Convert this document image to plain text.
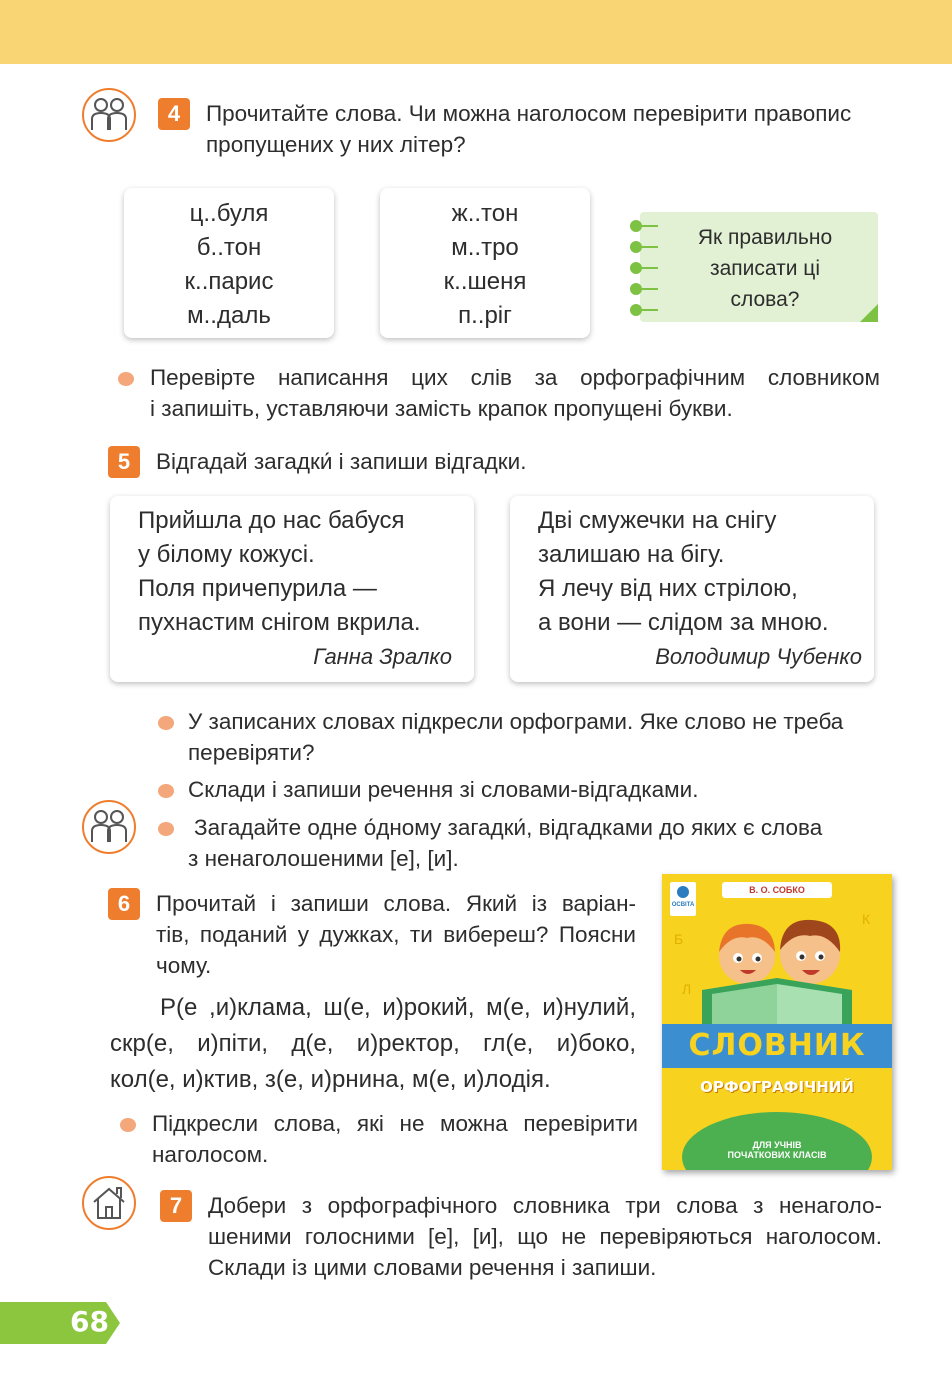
4	Прочитайте слова. Чи можна наголосом перевірити правопис
пропущених у них літер?
ц..буля
б..тон
к..парис
м..даль
ж..тон
м..тро
к..шеня
п..ріг
Як правильно
записати ці
слова?
Перевірте написання цих слів за орфографічним словником
і запишіть, уставляючи замість крапок пропущені букви.
5	Відгадай загадки́ і запиши відгадки.
Прийшла до нас бабуся
у білому кожусі.
Поля причепурила —
пухнастим снігом вкрила.
Ганна Зралко
Дві смужечки на снігу
залишаю на бігу.
Я лечу від них стрілою,
а вони — слідом за мною.
Володимир Чубенко
У записаних словах підкресли орфограми. Яке слово не треба
перевіряти?
Склади і запиши речення зі словами-відгадками.
Загадайте одне о́дному загадки́, відгадками до яких є слова
з ненаголошеними [е], [и].
6	Прочитай і запиши слова. Який із варіан-
тів, поданий у дужках, ти вибереш? Поясни
чому.
Р(е ,и)клама, ш(е, и)рокий, м(е, и)нулий,
скр(е, и)піти, д(е, и)ректор, гл(е, и)боко,
кол(е, и)ктив, з(е, и)рнина, м(е, и)лодія.
Підкресли слова, які не можна перевірити
наголосом.
ОСВІТА
В. О. СОБКО
Л
К
Б
СЛОВНИК
ОРФОГРАФІЧНИЙ
ДЛЯ УЧНІВ
ПОЧАТКОВИХ КЛАСІВ
7	Добери з орфографічного словника три слова з ненаголо-
шеними голосними [е], [и], що не перевіряються наголосом.
Склади із цими словами речення і запиши.
68
